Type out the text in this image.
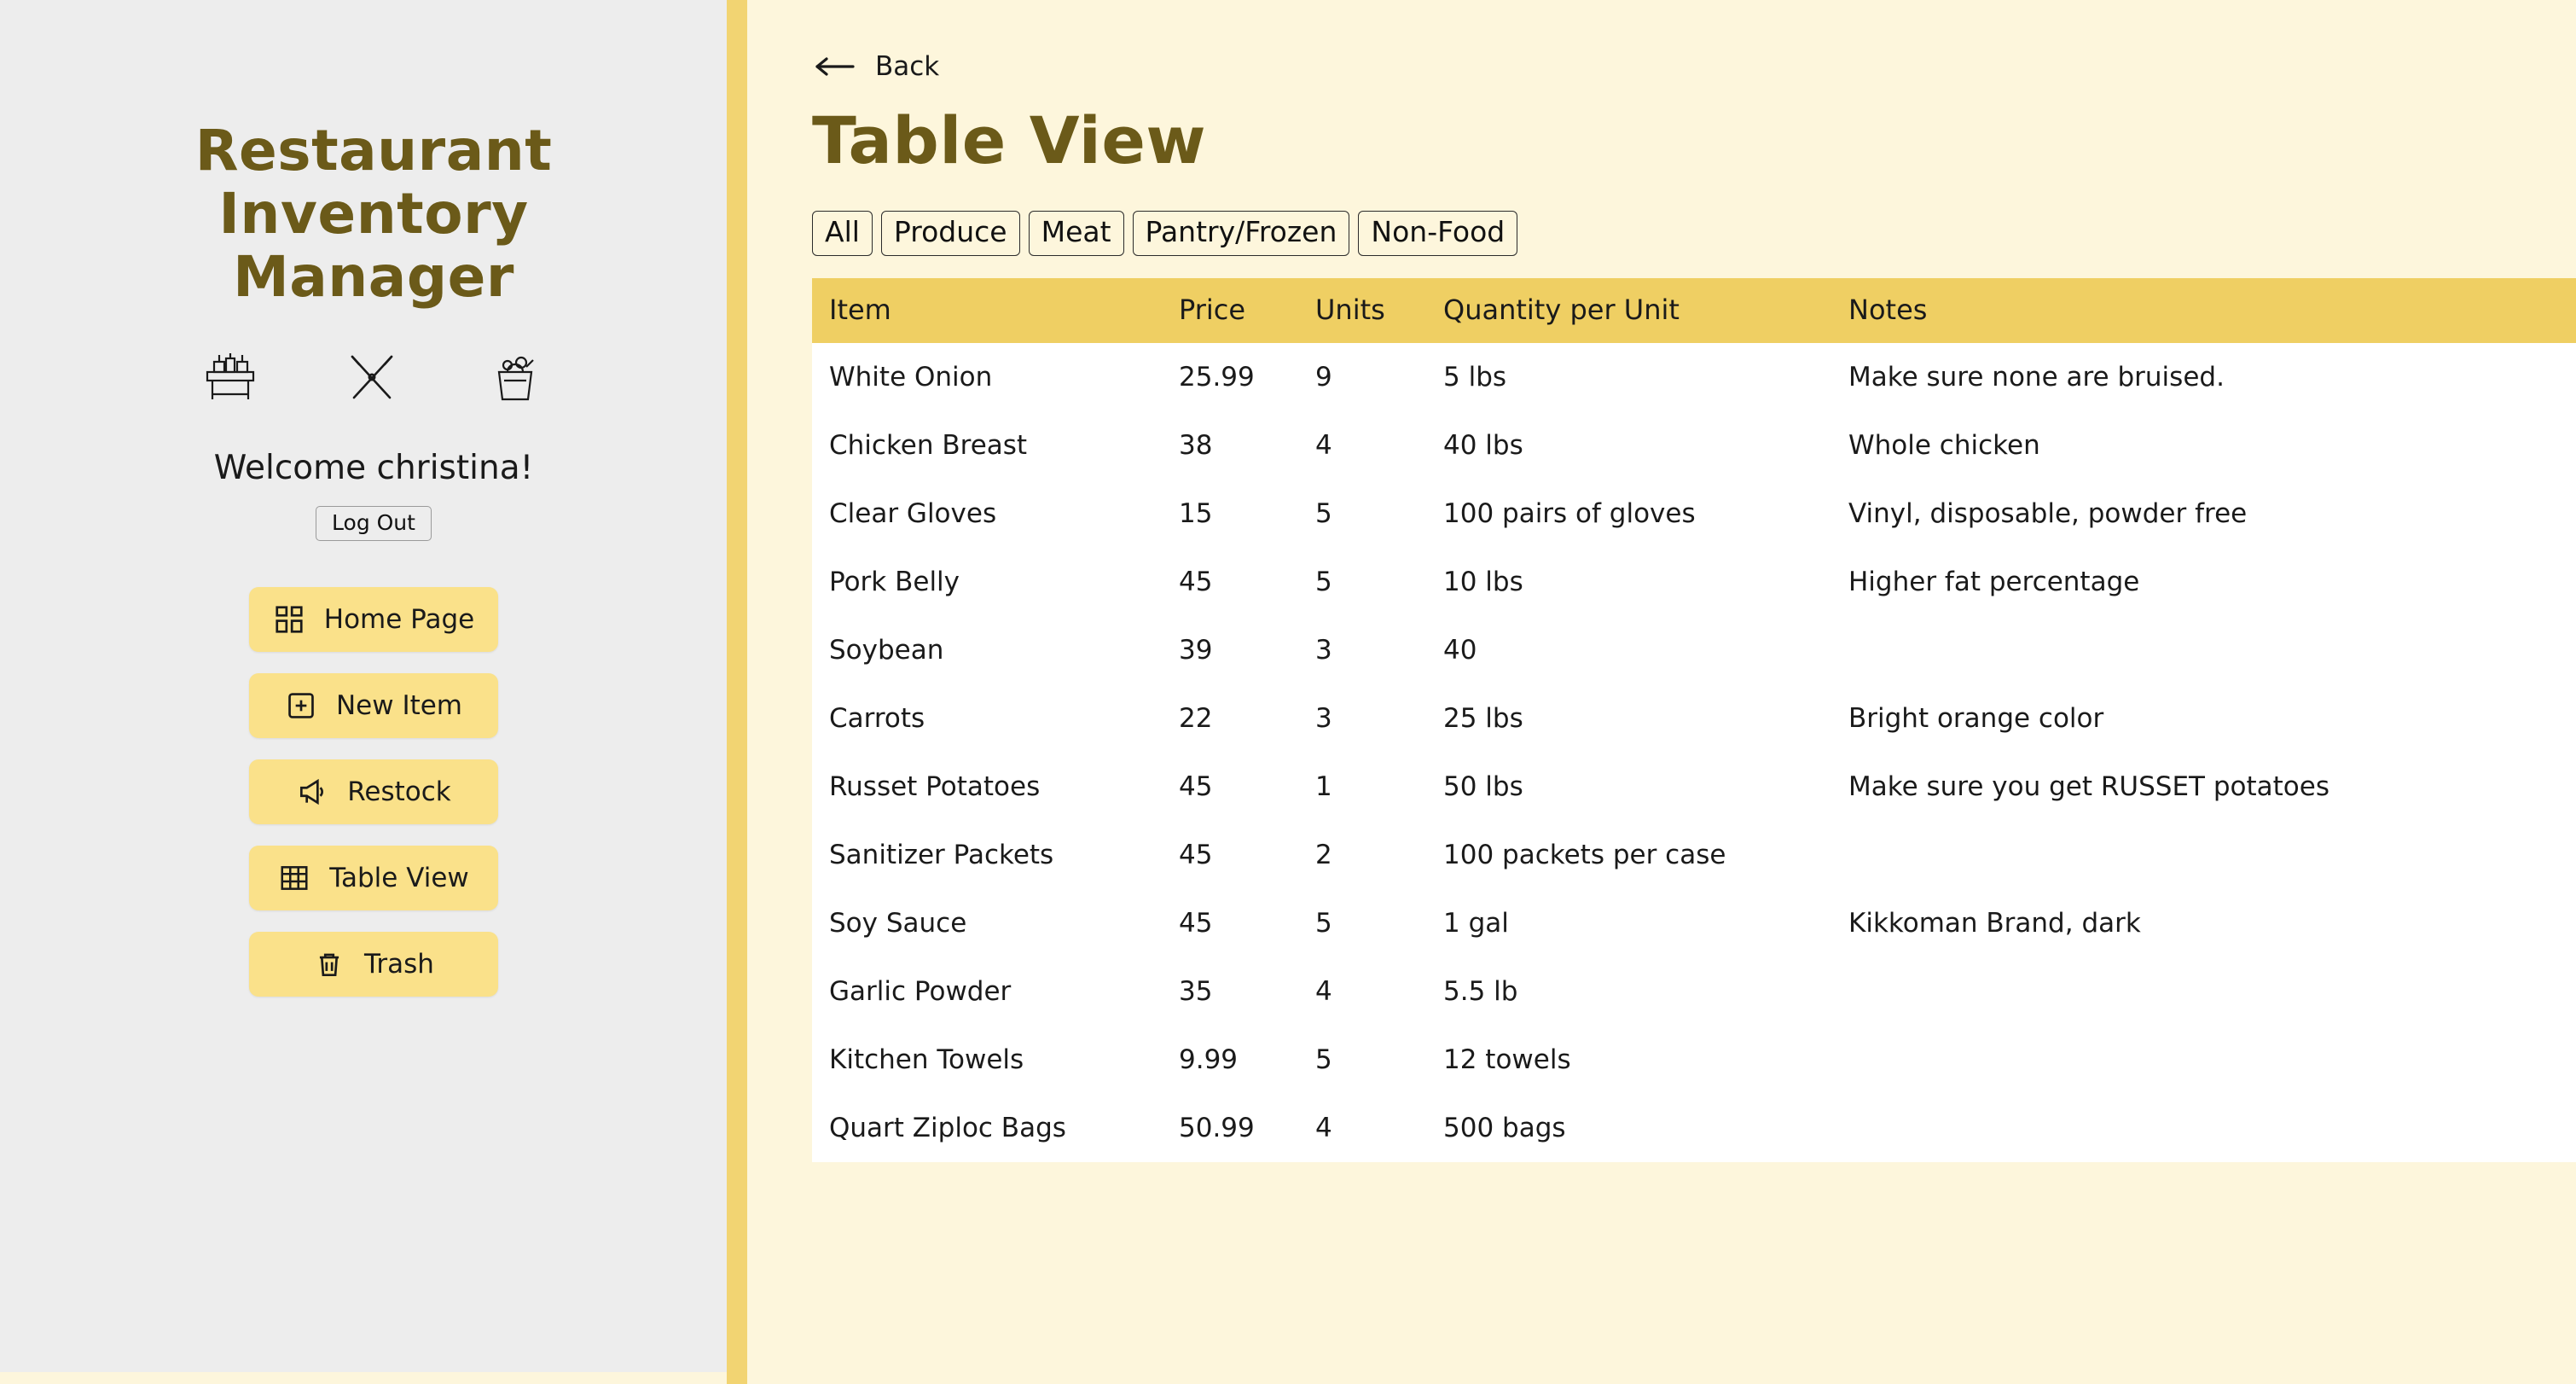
Restaurant Inventory Manager
Welcome christina!
Log Out
Home Page
New Item
Restock
Table View
Trash
Back
Table View
All	Produce	Meat	Pantry/Frozen	Non-Food
Item	Price	Units	Quantity per Unit	Notes
White Onion	25.99	9	5 lbs	Make sure none are bruised.
Chicken Breast	38	4	40 lbs	Whole chicken
Clear Gloves	15	5	100 pairs of gloves	Vinyl, disposable, powder free
Pork Belly	45	5	10 lbs	Higher fat percentage
Soybean	39	3	40	
Carrots	22	3	25 lbs	Bright orange color
Russet Potatoes	45	1	50 lbs	Make sure you get RUSSET potatoes
Sanitizer Packets	45	2	100 packets per case	
Soy Sauce	45	5	1 gal	Kikkoman Brand, dark
Garlic Powder	35	4	5.5 lb	
Kitchen Towels	9.99	5	12 towels	
Quart Ziploc Bags	50.99	4	500 bags	
